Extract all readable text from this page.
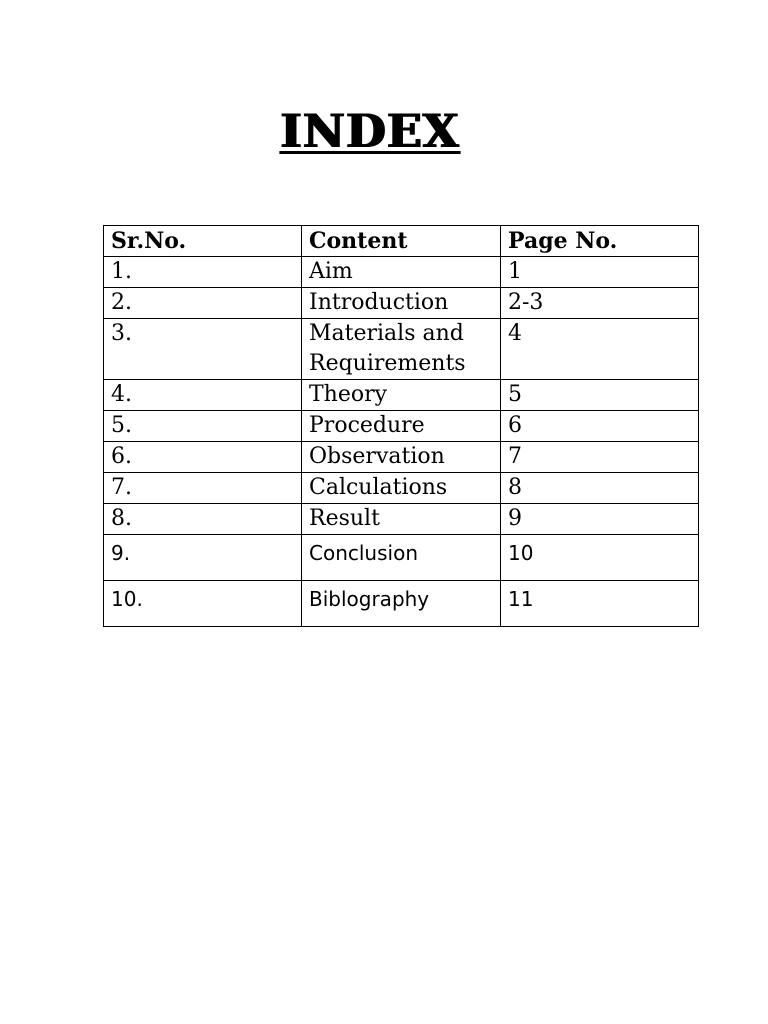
INDEX
Sr.No.	Content	Page No.
1.	Aim	1
2.	Introduction	2-3
3.	Materials and Requirements	4
4.	Theory	5
5.	Procedure	6
6.	Observation	7
7.	Calculations	8
8.	Result	9
9.	Conclusion	10
10.	Biblography	11
